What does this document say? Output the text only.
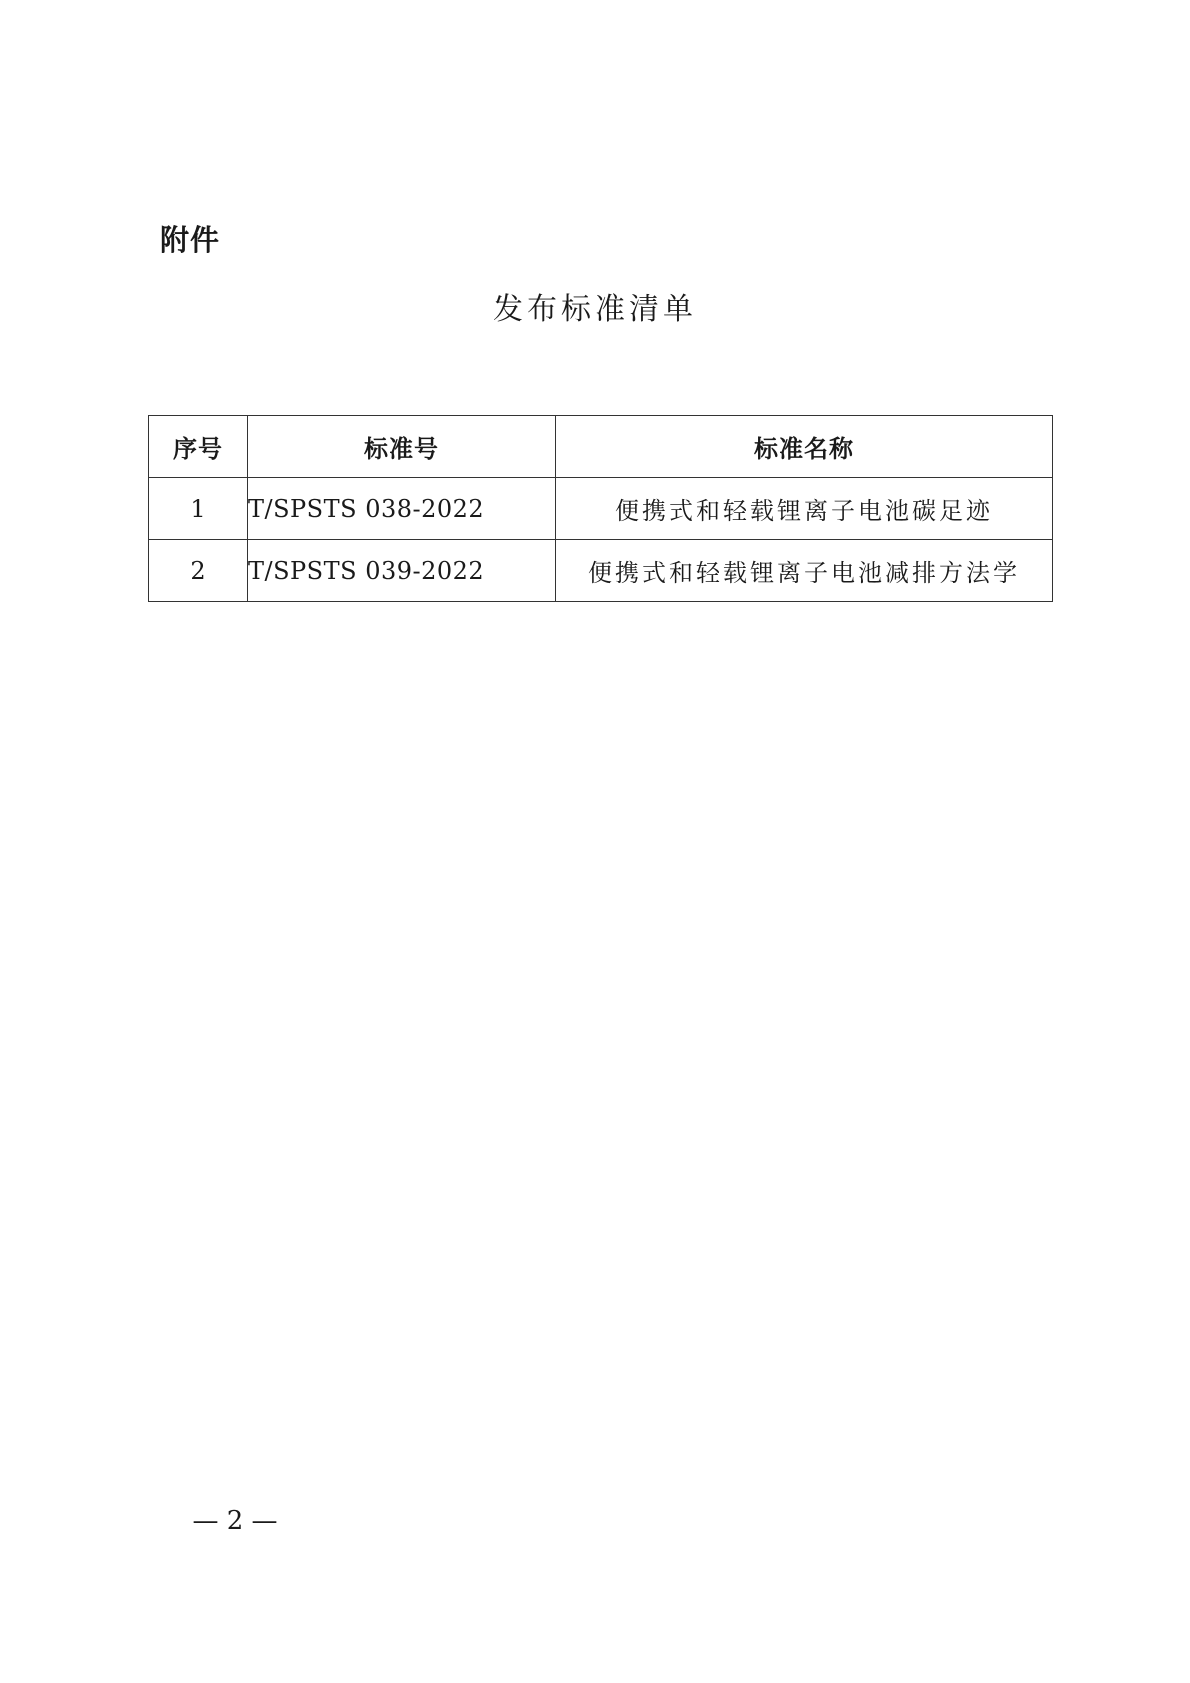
附件
发布标准清单
序号	标准号	标准名称
1	T/SPSTS 038-2022	便携式和轻载锂离子电池碳足迹
2	T/SPSTS 039-2022	便携式和轻载锂离子电池减排方法学
— 2 —
